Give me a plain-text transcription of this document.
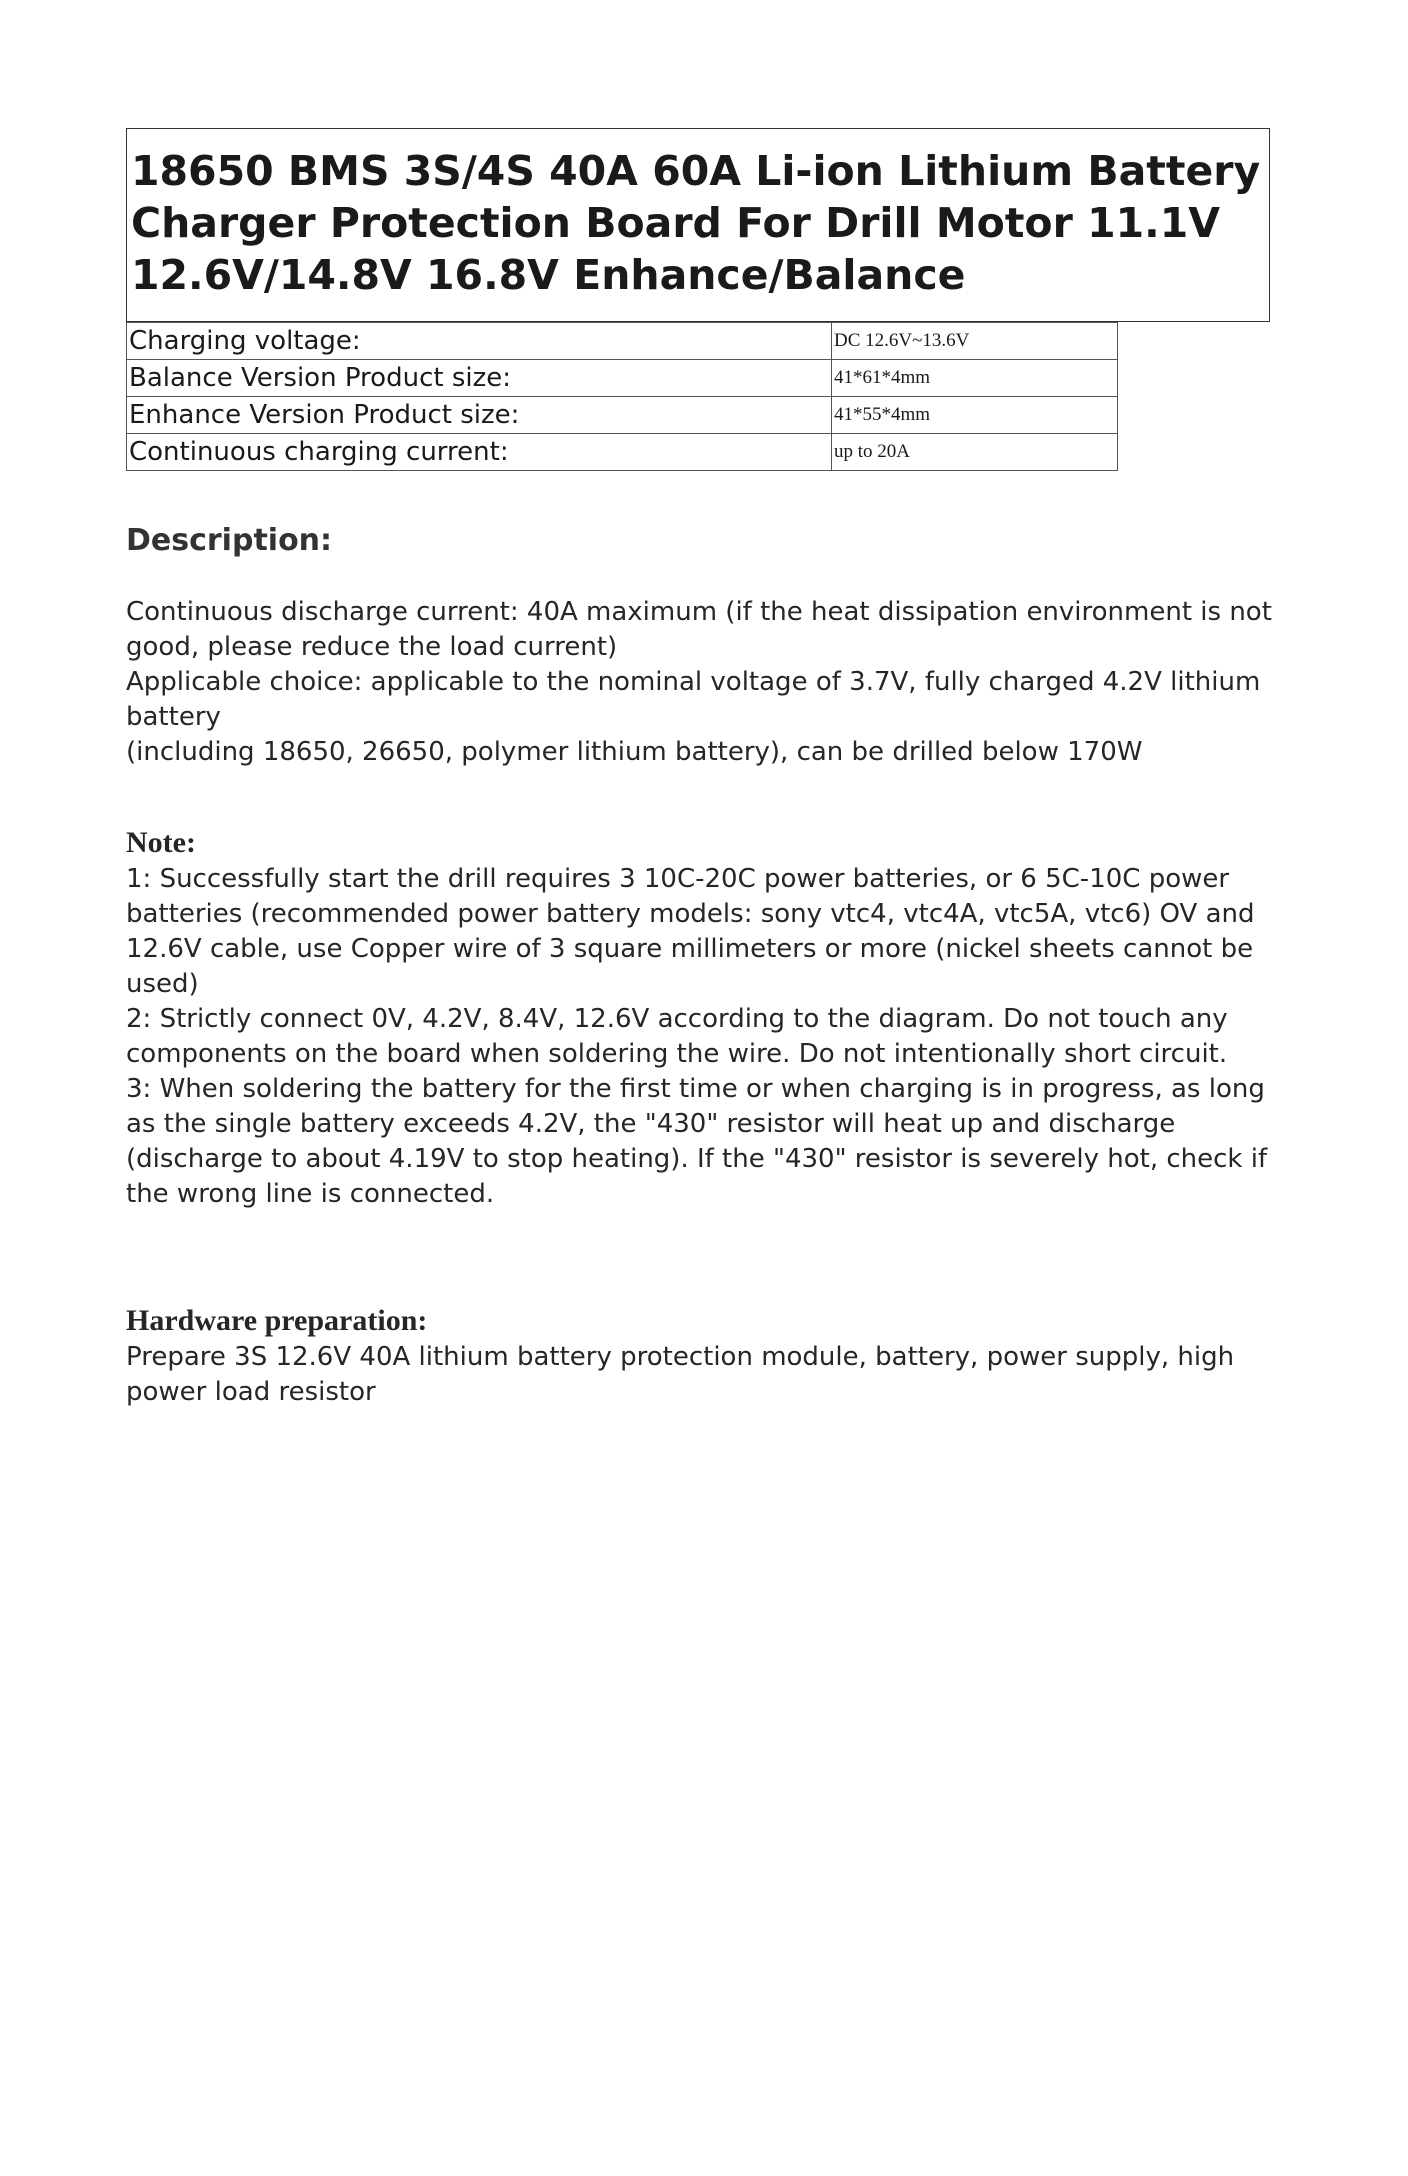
18650 BMS 3S/4S 40A 60A Li-ion Lithium Battery Charger Protection Board For Drill Motor 11.1V 12.6V/14.8V 16.8V Enhance/Balance
Charging voltage:	DC 12.6V~13.6V
Balance Version Product size:	41*61*4mm
Enhance Version Product size:	41*55*4mm
Continuous charging current:	up to 20A
Description:

Continuous discharge current: 40A maximum (if the heat dissipation environment is not good, please reduce the load current)

Applicable choice: applicable to the nominal voltage of 3.7V, fully charged 4.2V lithium battery

(including 18650, 26650, polymer lithium battery), can be drilled below 170W

Note:

1: Successfully start the drill requires 3 10C-20C power batteries, or 6 5C-10C power batteries (recommended power battery models: sony vtc4, vtc4A, vtc5A, vtc6) OV and 12.6V cable, use Copper wire of 3 square millimeters or more (nickel sheets cannot be used)

2: Strictly connect 0V, 4.2V, 8.4V, 12.6V according to the diagram. Do not touch any components on the board when soldering the wire. Do not intentionally short circuit.

3: When soldering the battery for the first time or when charging is in progress, as long as the single battery exceeds 4.2V, the "430" resistor will heat up and discharge (discharge to about 4.19V to stop heating). If the "430" resistor is severely hot, check if the wrong line is connected.

Hardware preparation:

Prepare 3S 12.6V 40A lithium battery protection module, battery, power supply, high power load resistor
